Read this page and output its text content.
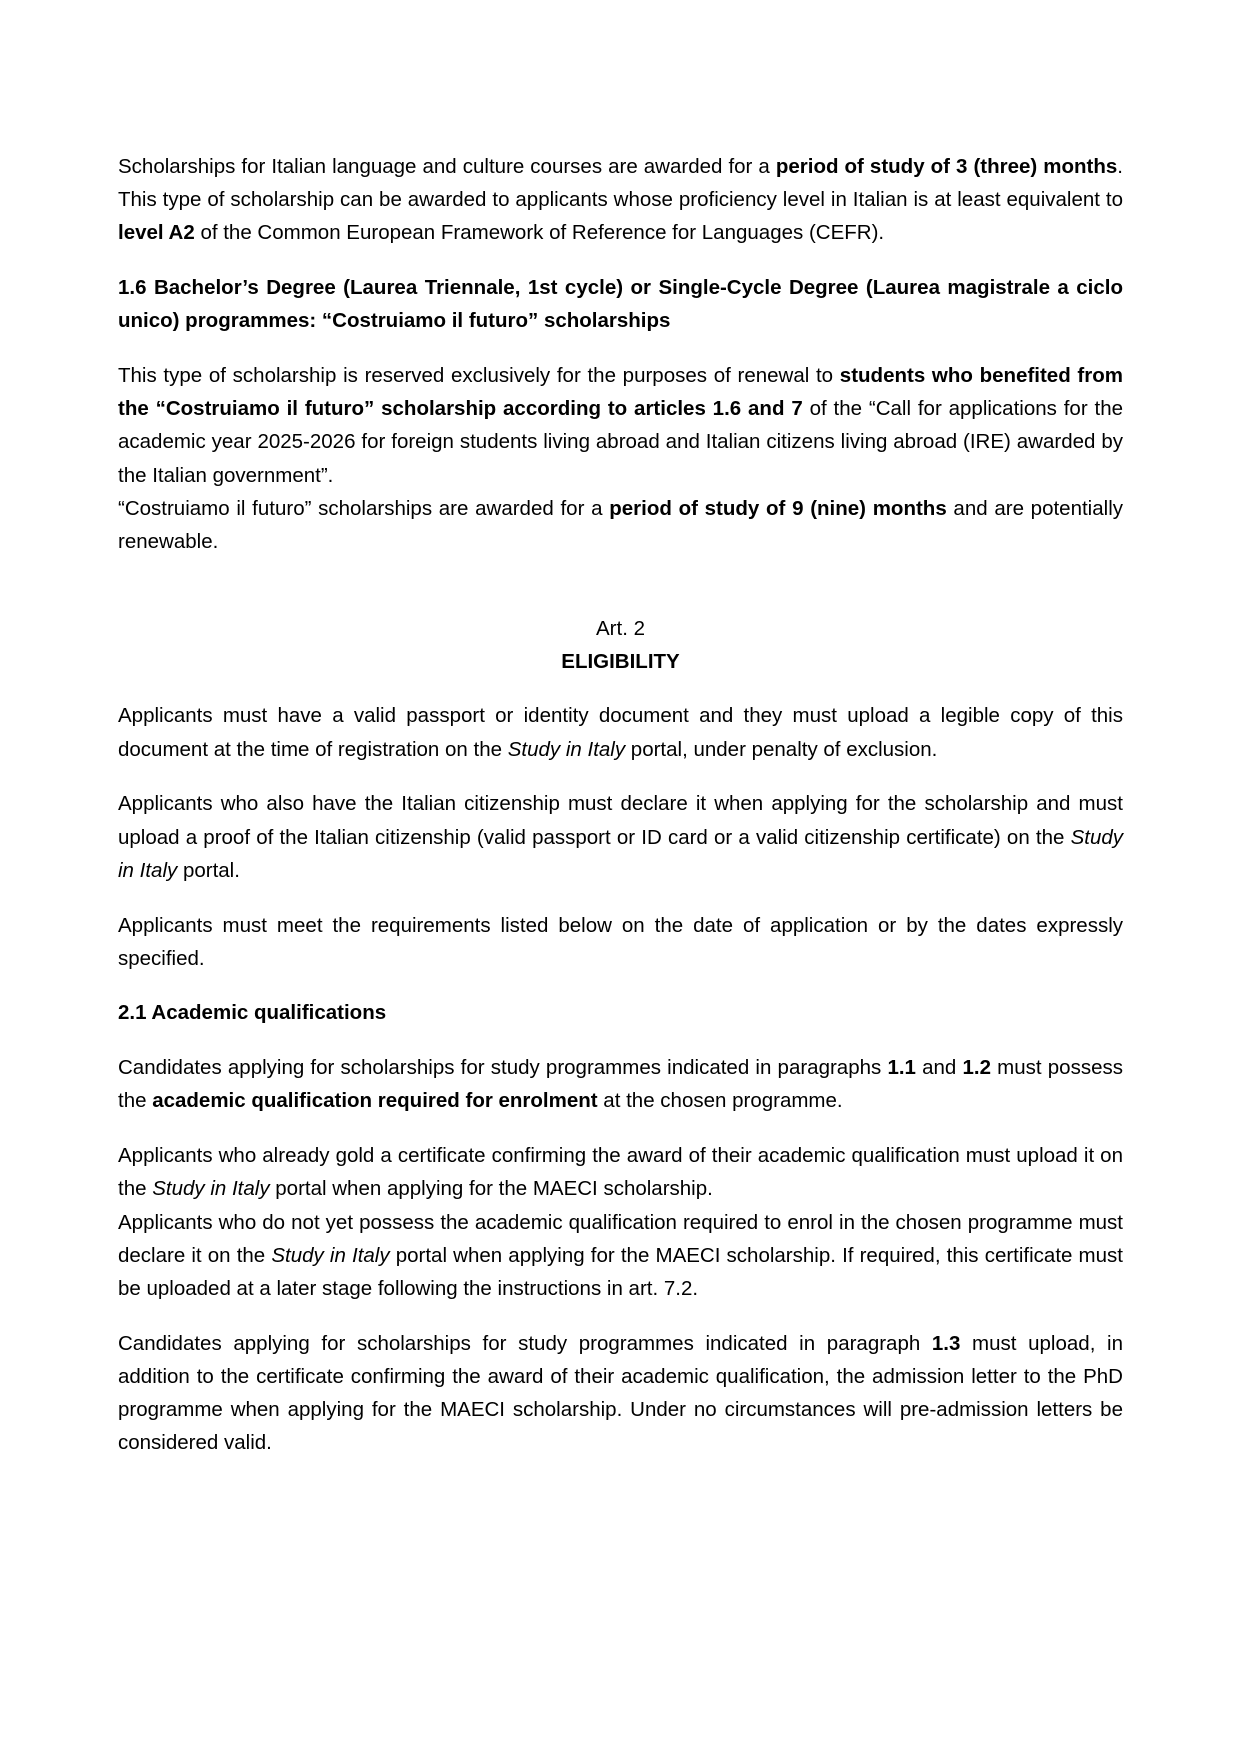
Scholarships for Italian language and culture courses are awarded for a period of study of 3 (three) months. This type of scholarship can be awarded to applicants whose proficiency level in Italian is at least equivalent to level A2 of the Common European Framework of Reference for Languages (CEFR).

1.6 Bachelor’s Degree (Laurea Triennale, 1st cycle) or Single-Cycle Degree (Laurea magistrale a ciclo unico) programmes: “Costruiamo il futuro” scholarships

This type of scholarship is reserved exclusively for the purposes of renewal to students who benefited from the “Costruiamo il futuro” scholarship according to articles 1.6 and 7 of the “Call for applications for the academic year 2025-2026 for foreign students living abroad and Italian citizens living abroad (IRE) awarded by the Italian government”.

“Costruiamo il futuro” scholarships are awarded for a period of study of 9 (nine) months and are potentially renewable.

Art. 2

ELIGIBILITY

Applicants must have a valid passport or identity document and they must upload a legible copy of this document at the time of registration on the Study in Italy portal, under penalty of exclusion.

Applicants who also have the Italian citizenship must declare it when applying for the scholarship and must upload a proof of the Italian citizenship (valid passport or ID card or a valid citizenship certificate) on the Study in Italy portal.

Applicants must meet the requirements listed below on the date of application or by the dates expressly specified.

2.1 Academic qualifications

Candidates applying for scholarships for study programmes indicated in paragraphs 1.1 and 1.2 must possess the academic qualification required for enrolment at the chosen programme.

Applicants who already gold a certificate confirming the award of their academic qualification must upload it on the Study in Italy portal when applying for the MAECI scholarship.

Applicants who do not yet possess the academic qualification required to enrol in the chosen programme must declare it on the Study in Italy portal when applying for the MAECI scholarship. If required, this certificate must be uploaded at a later stage following the instructions in art. 7.2.

Candidates applying for scholarships for study programmes indicated in paragraph 1.3 must upload, in addition to the certificate confirming the award of their academic qualification, the admission letter to the PhD programme when applying for the MAECI scholarship. Under no circumstances will pre-admission letters be considered valid.
